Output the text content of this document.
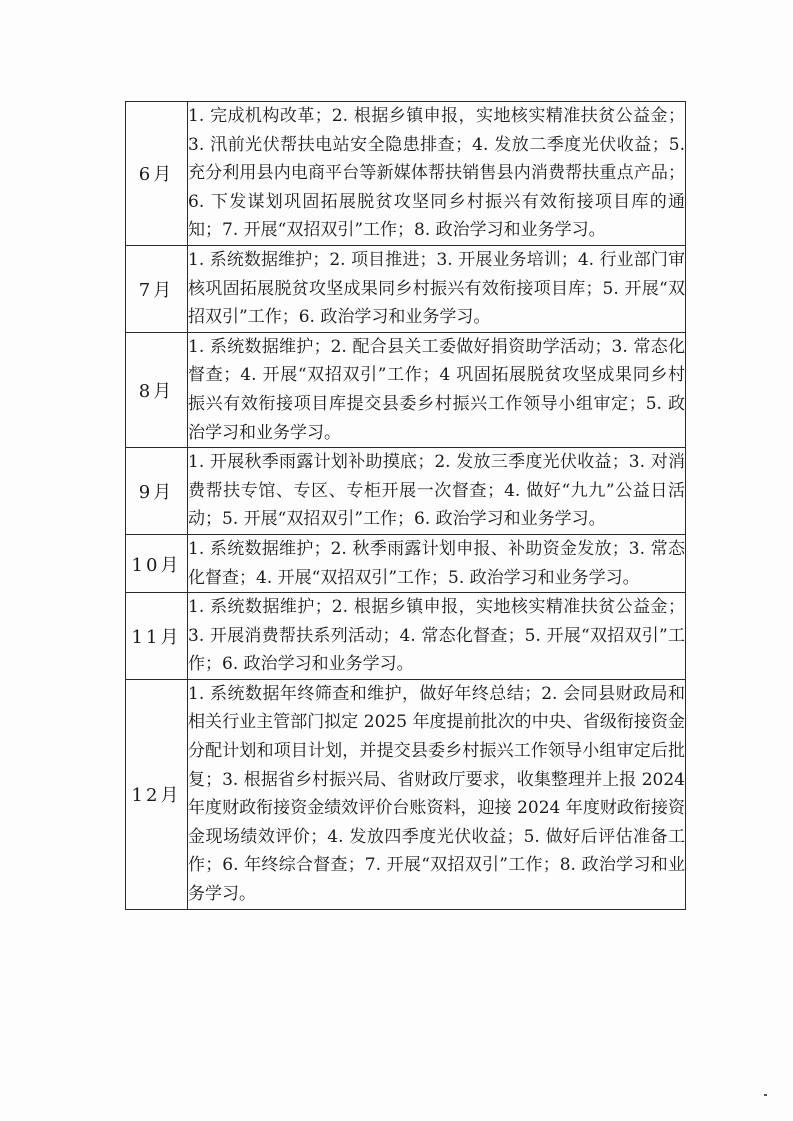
6月	1. 完成机构改革；2. 根据乡镇申报，实地核实精准扶贫公益金；3. 汛前光伏帮扶电站安全隐患排查；4. 发放二季度光伏收益；5. 充分利用县内电商平台等新媒体帮扶销售县内消费帮扶重点产品；6. 下发谋划巩固拓展脱贫攻坚同乡村振兴有效衔接项目库的通知；7. 开展“双招双引”工作；8. 政治学习和业务学习。
7月	1. 系统数据维护；2. 项目推进；3. 开展业务培训；4. 行业部门审核巩固拓展脱贫攻坚成果同乡村振兴有效衔接项目库；5. 开展“双招双引”工作；6. 政治学习和业务学习。
8月	1. 系统数据维护；2. 配合县关工委做好捐资助学活动；3. 常态化督查；4. 开展“双招双引”工作；4 巩固拓展脱贫攻坚成果同乡村振兴有效衔接项目库提交县委乡村振兴工作领导小组审定；5. 政治学习和业务学习。
9月	1. 开展秋季雨露计划补助摸底；2. 发放三季度光伏收益；3. 对消费帮扶专馆、专区、专柜开展一次督查；4. 做好“九九”公益日活动；5. 开展“双招双引”工作；6. 政治学习和业务学习。
10月	1. 系统数据维护；2. 秋季雨露计划申报、补助资金发放；3. 常态化督查；4. 开展“双招双引”工作；5. 政治学习和业务学习。
11月	1. 系统数据维护；2. 根据乡镇申报，实地核实精准扶贫公益金；3. 开展消费帮扶系列活动；4. 常态化督查；5. 开展“双招双引”工作；6. 政治学习和业务学习。
12月	1. 系统数据年终筛查和维护，做好年终总结；2. 会同县财政局和相关行业主管部门拟定 2025 年度提前批次的中央、省级衔接资金分配计划和项目计划，并提交县委乡村振兴工作领导小组审定后批复；3. 根据省乡村振兴局、省财政厅要求，收集整理并上报 2024 年度财政衔接资金绩效评价台账资料，迎接 2024 年度财政衔接资金现场绩效评价；4. 发放四季度光伏收益；5. 做好后评估准备工作；6. 年终综合督查；7. 开展“双招双引”工作；8. 政治学习和业务学习。
